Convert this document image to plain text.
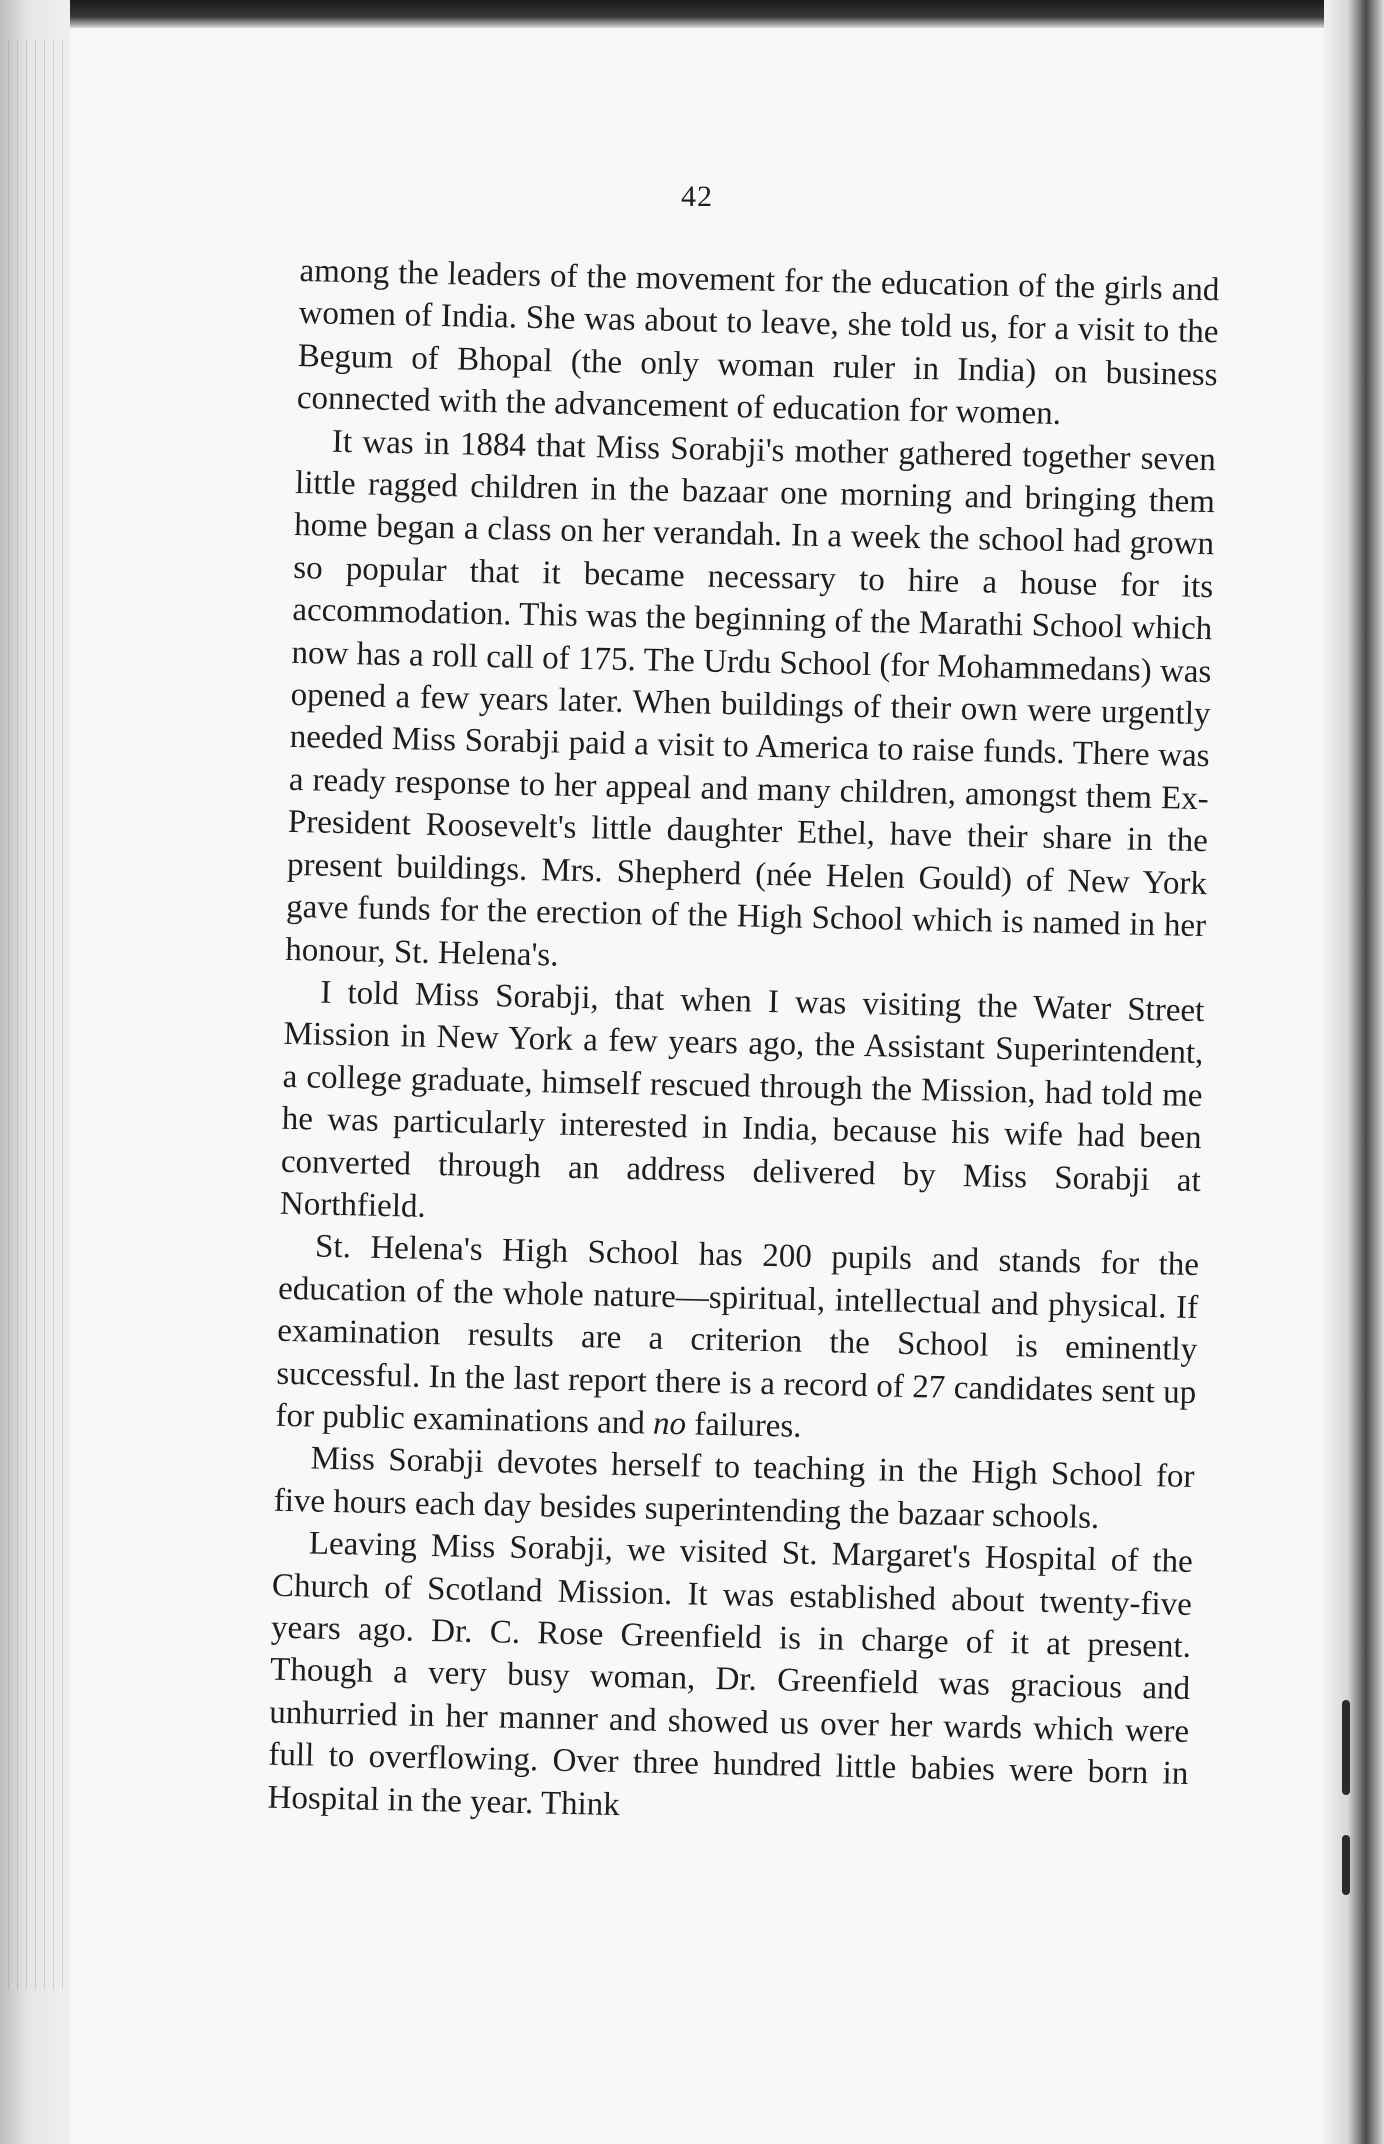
42

among the leaders of the movement for the education of the girls and women of India. She was about to leave, she told us, for a visit to the Begum of Bhopal (the only woman ruler in India) on business connected with the advancement of education for women.

It was in 1884 that Miss Sorabji's mother gathered together seven little ragged children in the bazaar one morning and bringing them home began a class on her verandah. In a week the school had grown so popular that it became necessary to hire a house for its accommodation. This was the beginning of the Marathi School which now has a roll call of 175. The Urdu School (for Mohammedans) was opened a few years later. When buildings of their own were urgently needed Miss Sorabji paid a visit to America to raise funds. There was a ready response to her appeal and many children, amongst them Ex-President Roosevelt's little daughter Ethel, have their share in the present buildings. Mrs. Shepherd (née Helen Gould) of New York gave funds for the erection of the High School which is named in her honour, St. Helena's.

I told Miss Sorabji, that when I was visiting the Water Street Mission in New York a few years ago, the Assistant Superintendent, a college graduate, himself rescued through the Mission, had told me he was particularly interested in India, because his wife had been converted through an address delivered by Miss Sorabji at Northfield.

St. Helena's High School has 200 pupils and stands for the education of the whole nature—spiritual, intellectual and physical. If examination results are a criterion the School is eminently successful. In the last report there is a record of 27 candidates sent up for public examinations and no failures.

Miss Sorabji devotes herself to teaching in the High School for five hours each day besides superintending the bazaar schools.

Leaving Miss Sorabji, we visited St. Margaret's Hospital of the Church of Scotland Mission. It was established about twenty-five years ago. Dr. C. Rose Greenfield is in charge of it at present. Though a very busy woman, Dr. Greenfield was gracious and unhurried in her manner and showed us over her wards which were full to overflowing. Over three hundred little babies were born in Hospital in the year. Think
